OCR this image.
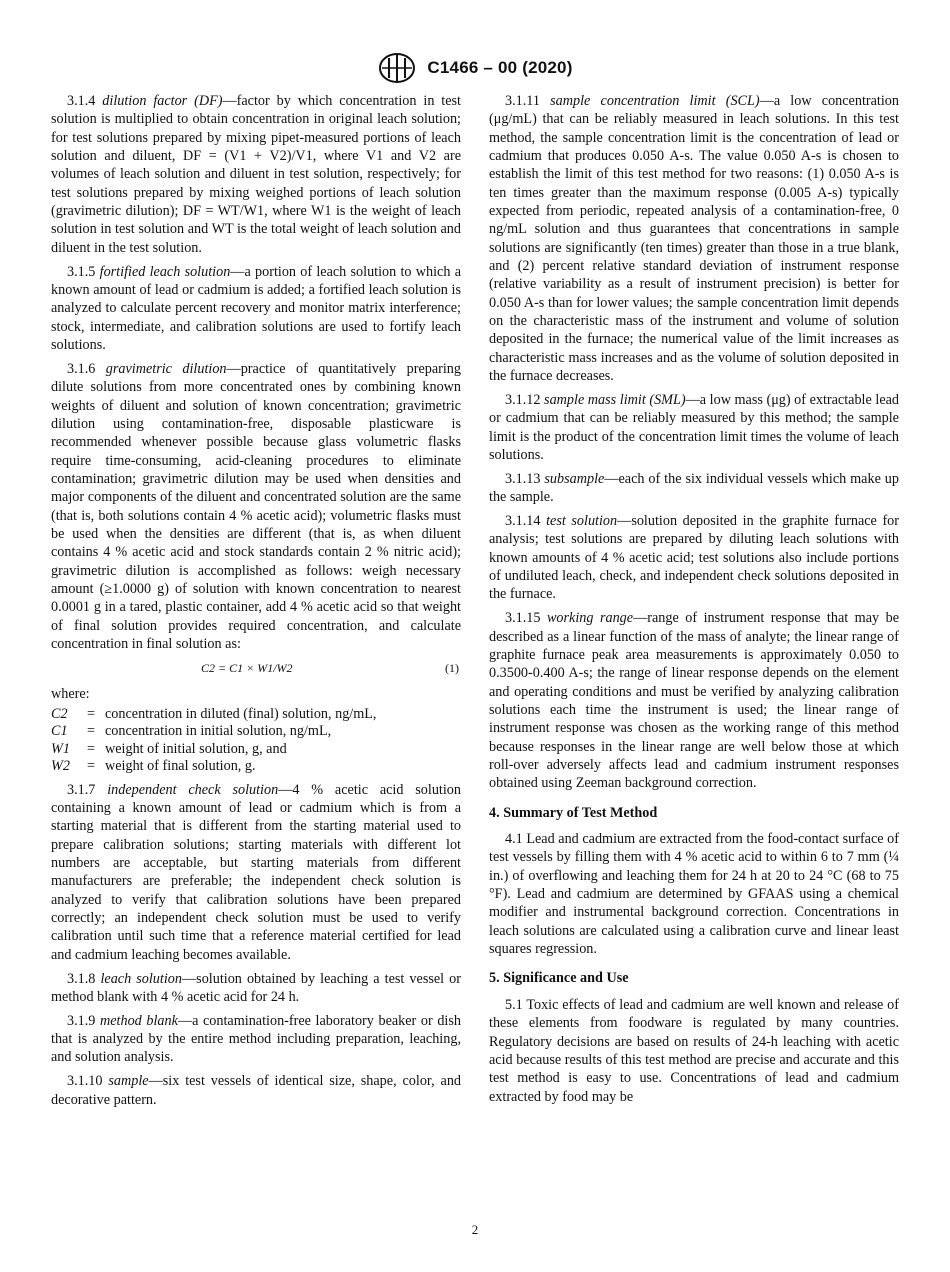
C1466 – 00 (2020)

3.1.4 dilution factor (DF)—factor by which concentration in test solution is multiplied to obtain concentration in original leach solution; for test solutions prepared by mixing pipet-measured portions of leach solution and diluent, DF = (V1 + V2)/V1, where V1 and V2 are volumes of leach solution and diluent in test solution, respectively; for test solutions prepared by mixing weighed portions of leach solution (gravimetric dilution); DF = WT/W1, where W1 is the weight of leach solution in test solution and WT is the total weight of leach solution and diluent in the test solution.

3.1.5 fortified leach solution—a portion of leach solution to which a known amount of lead or cadmium is added; a fortified leach solution is analyzed to calculate percent recovery and monitor matrix interference; stock, intermediate, and calibration solutions are used to fortify leach solutions.

3.1.6 gravimetric dilution—practice of quantitatively preparing dilute solutions from more concentrated ones by combining known weights of diluent and solution of known concentration; gravimetric dilution using contamination-free, disposable plasticware is recommended whenever possible because glass volumetric flasks require time-consuming, acid-cleaning procedures to eliminate contamination; gravimetric dilution may be used when densities and major components of the diluent and concentrated solution are the same (that is, both solutions contain 4 % acetic acid); volumetric flasks must be used when the densities are different (that is, as when diluent contains 4 % acetic acid and stock standards contain 2 % nitric acid); gravimetric dilution is accomplished as follows: weigh necessary amount (≥1.0000 g) of solution with known concentration to nearest 0.0001 g in a tared, plastic container, add 4 % acetic acid so that weight of final solution provides required concentration, and calculate concentration in final solution as:

C2 = C1 × W1/W2	(1)
where:
C2	= concentration in diluted (final) solution, ng/mL,
C1	= concentration in initial solution, ng/mL,
W1	= weight of initial solution, g, and
W2	= weight of final solution, g.

3.1.7 independent check solution—4 % acetic acid solution containing a known amount of lead or cadmium which is from a starting material that is different from the starting material used to prepare calibration solutions; starting materials with different lot numbers are acceptable, but starting materials from different manufacturers are preferable; the independent check solution is analyzed to verify that calibration solutions have been prepared correctly; an independent check solution must be used to verify calibration until such time that a reference material certified for lead and cadmium leaching becomes available.

3.1.8 leach solution—solution obtained by leaching a test vessel or method blank with 4 % acetic acid for 24 h.

3.1.9 method blank—a contamination-free laboratory beaker or dish that is analyzed by the entire method including preparation, leaching, and solution analysis.

3.1.10 sample—six test vessels of identical size, shape, color, and decorative pattern.

3.1.11 sample concentration limit (SCL)—a low concentration (μg/mL) that can be reliably measured in leach solutions. In this test method, the sample concentration limit is the concentration of lead or cadmium that produces 0.050 A-s. The value 0.050 A-s is chosen to establish the limit of this test method for two reasons: (1) 0.050 A-s is ten times greater than the maximum response (0.005 A-s) typically expected from periodic, repeated analysis of a contamination-free, 0 ng/mL solution and thus guarantees that concentrations in sample solutions are significantly (ten times) greater than those in a true blank, and (2) percent relative standard deviation of instrument response (relative variability as a result of instrument precision) is better for 0.050 A-s than for lower values; the sample concentration limit depends on the characteristic mass of the instrument and volume of solution deposited in the furnace; the numerical value of the limit increases as characteristic mass increases and as the volume of solution deposited in the furnace decreases.

3.1.12 sample mass limit (SML)—a low mass (μg) of extractable lead or cadmium that can be reliably measured by this method; the sample limit is the product of the concentration limit times the volume of leach solutions.

3.1.13 subsample—each of the six individual vessels which make up the sample.

3.1.14 test solution—solution deposited in the graphite furnace for analysis; test solutions are prepared by diluting leach solutions with known amounts of 4 % acetic acid; test solutions also include portions of undiluted leach, check, and independent check solutions deposited in the furnace.

3.1.15 working range—range of instrument response that may be described as a linear function of the mass of analyte; the linear range of graphite furnace peak area measurements is approximately 0.050 to 0.3500-0.400 A-s; the range of linear response depends on the element and operating conditions and must be verified by analyzing calibration solutions each time the instrument is used; the linear range of instrument response was chosen as the working range of this method because responses in the linear range are well below those at which roll-over adversely affects lead and cadmium instrument responses obtained using Zeeman background correction.

4. Summary of Test Method

4.1 Lead and cadmium are extracted from the food-contact surface of test vessels by filling them with 4 % acetic acid to within 6 to 7 mm (¼ in.) of overflowing and leaching them for 24 h at 20 to 24 °C (68 to 75 °F). Lead and cadmium are determined by GFAAS using a chemical modifier and instrumental background correction. Concentrations in leach solutions are calculated using a calibration curve and linear least squares regression.

5. Significance and Use

5.1 Toxic effects of lead and cadmium are well known and release of these elements from foodware is regulated by many countries. Regulatory decisions are based on results of 24-h leaching with acetic acid because results of this test method are precise and accurate and this test method is easy to use. Concentrations of lead and cadmium extracted by food may be

2
